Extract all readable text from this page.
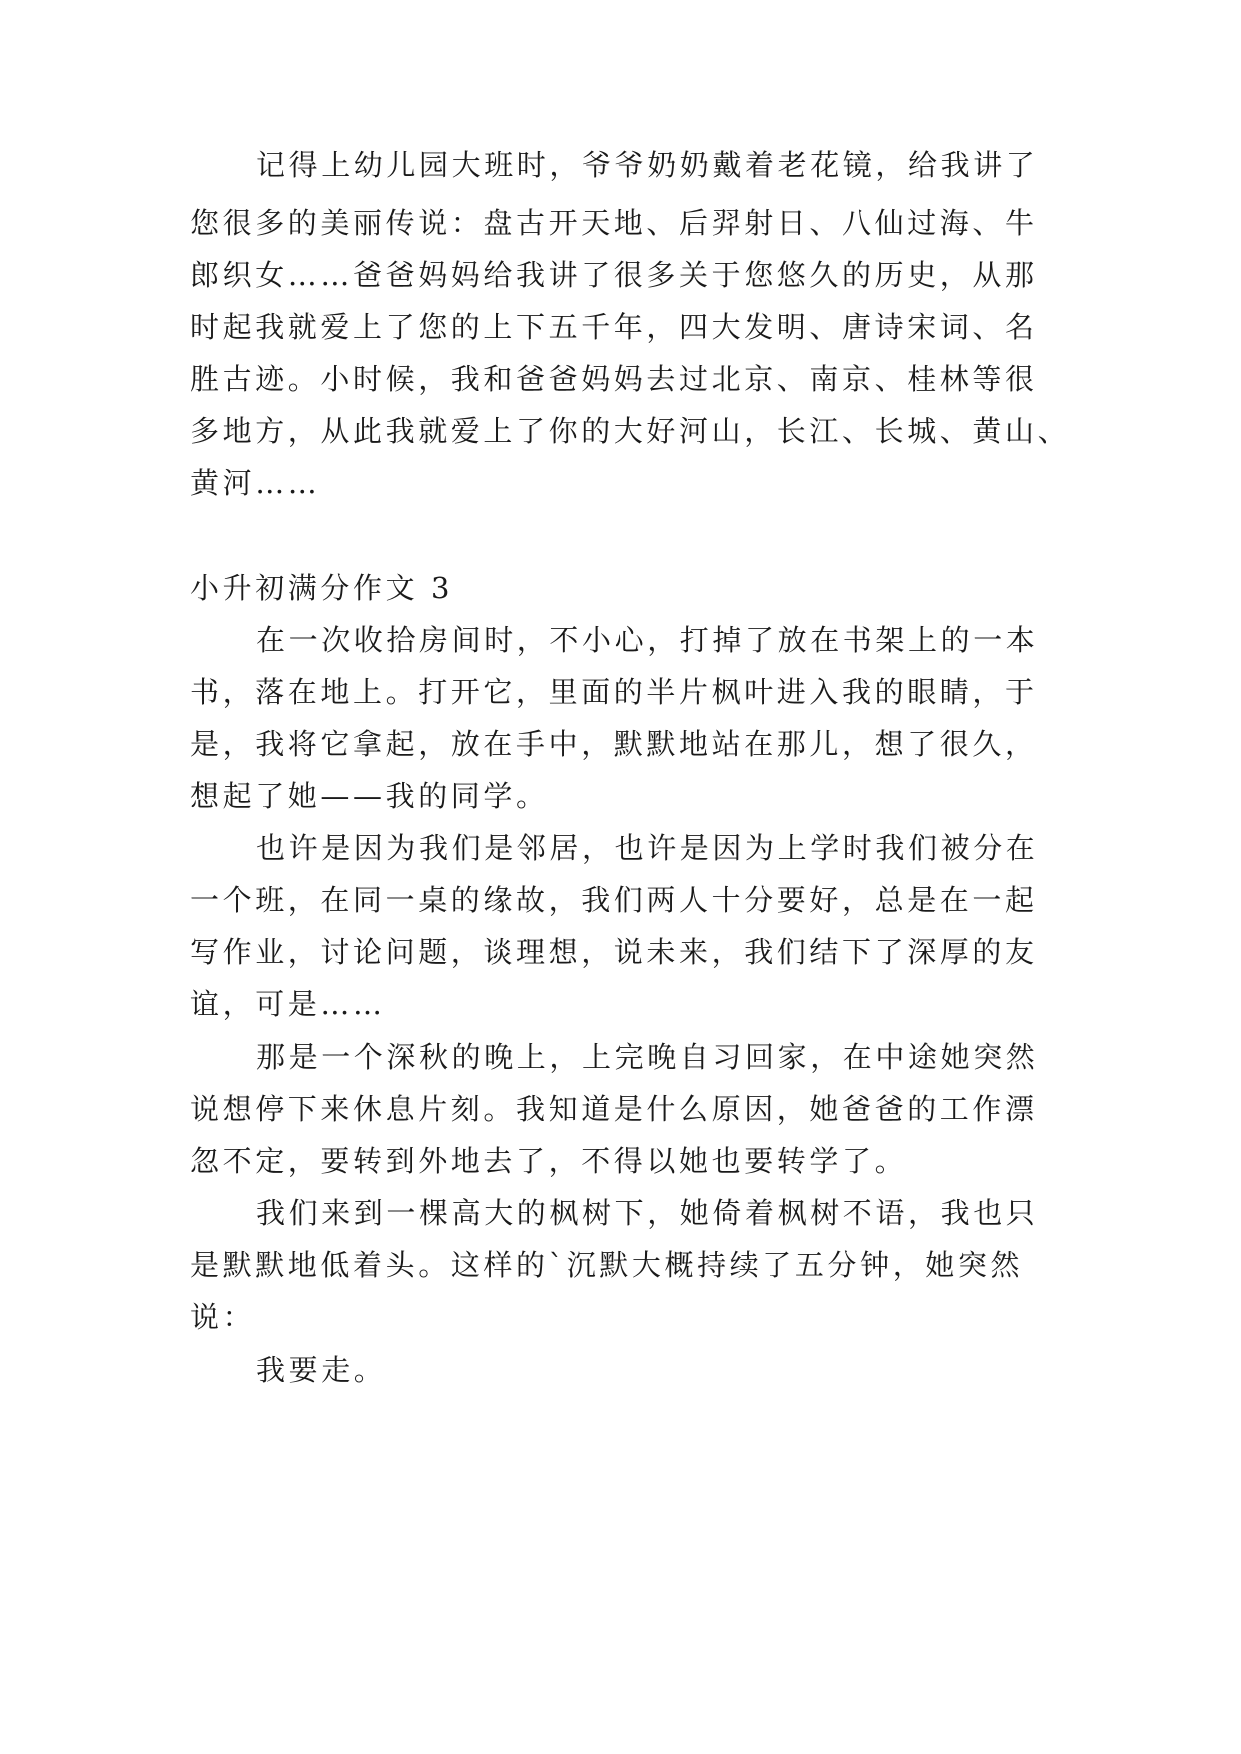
记得上幼儿园大班时，爷爷奶奶戴着老花镜，给我讲了
您很多的美丽传说：盘古开天地、后羿射日、八仙过海、牛
郎织女……爸爸妈妈给我讲了很多关于您悠久的历史，从那
时起我就爱上了您的上下五千年，四大发明、唐诗宋词、名
胜古迹。小时候，我和爸爸妈妈去过北京、南京、桂林等很
多地方，从此我就爱上了你的大好河山，长江、长城、黄山、
黄河……
小升初满分作文 3
在一次收拾房间时，不小心，打掉了放在书架上的一本
书，落在地上。打开它，里面的半片枫叶进入我的眼睛，于
是，我将它拿起，放在手中，默默地站在那儿，想了很久，
想起了她——我的同学。
也许是因为我们是邻居，也许是因为上学时我们被分在
一个班，在同一桌的缘故，我们两人十分要好，总是在一起
写作业，讨论问题，谈理想，说未来，我们结下了深厚的友
谊，可是……
那是一个深秋的晚上，上完晚自习回家，在中途她突然
说想停下来休息片刻。我知道是什么原因，她爸爸的工作漂
忽不定，要转到外地去了，不得以她也要转学了。
我们来到一棵高大的枫树下，她倚着枫树不语，我也只
是默默地低着头。这样的`沉默大概持续了五分钟，她突然
说：
我要走。
